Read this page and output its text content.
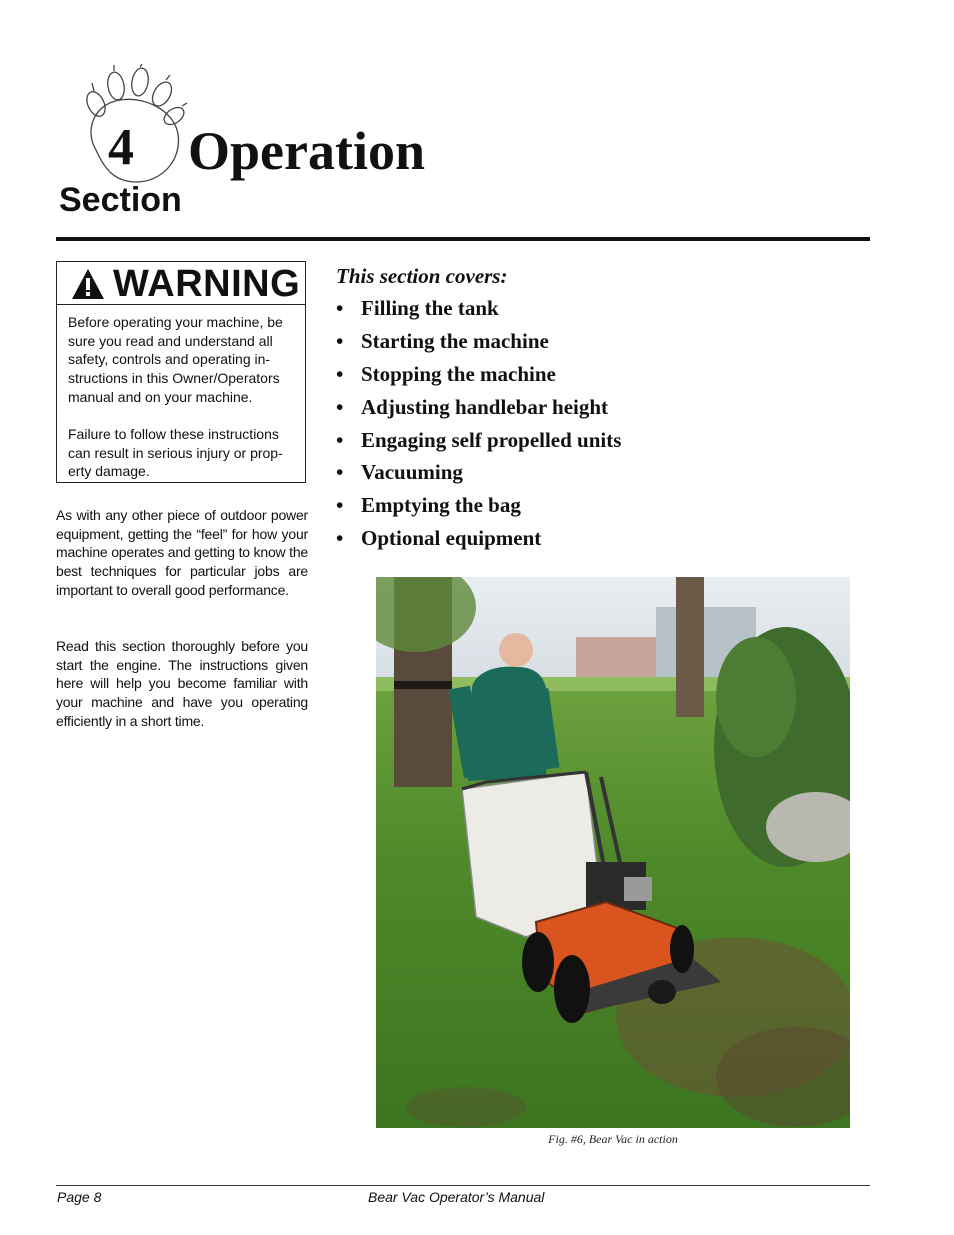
4 Operation
Section
WARNING

Before operating your machine, be sure you read and understand all safety, controls and operating in-structions in this Owner/Operators manual and on your machine.

Failure to follow these instructions can result in serious injury or prop-erty damage.

As with any other piece of outdoor power equipment, getting the “feel” for how your machine operates and getting to know the best techniques for particular jobs are important to overall good performance.

Read this section thoroughly before you start the engine. The instructions given here will help you become familiar with your machine and have you operating efficiently in a short time.

This section covers:
• Filling the tank
• Starting the machine
• Stopping the machine
• Adjusting handlebar height
• Engaging self propelled units
• Vacuuming
• Emptying the bag
• Optional equipment
Fig. #6, Bear Vac in action
Page 8	Bear Vac Operator’s Manual
